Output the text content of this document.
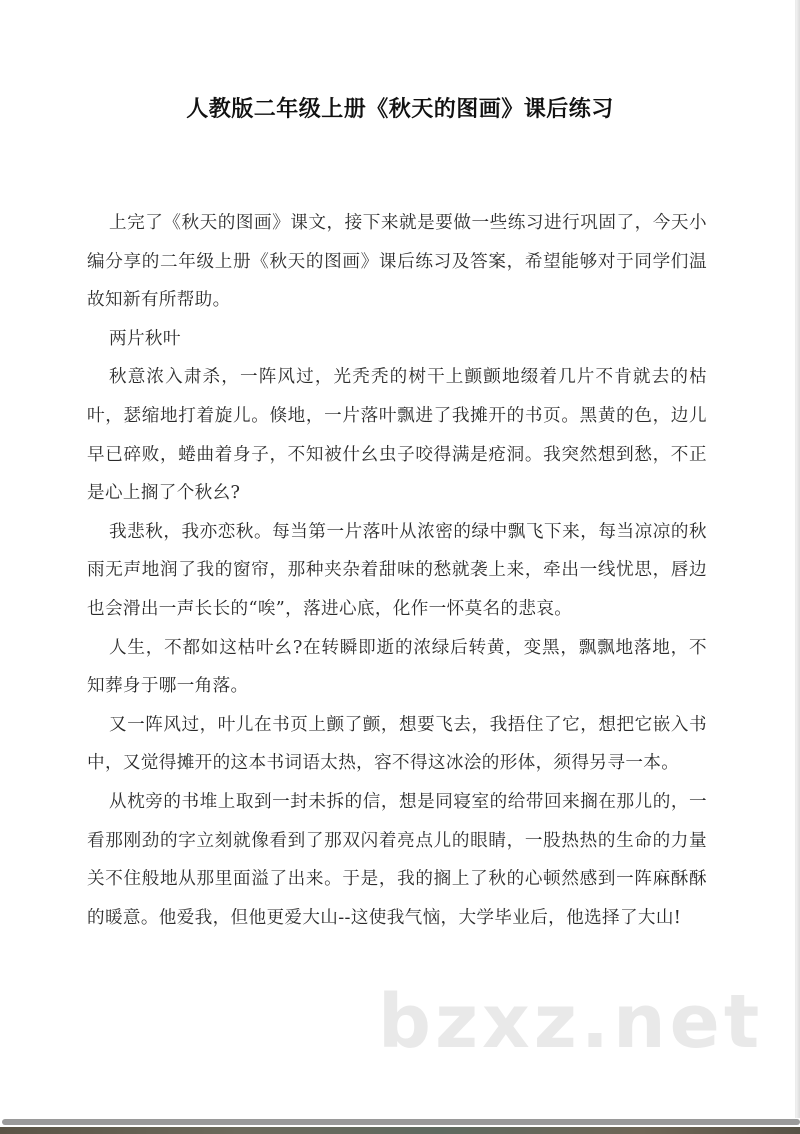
人教版二年级上册《秋天的图画》课后练习

上完了《秋天的图画》课文，接下来就是要做一些练习进行巩固了，今天小编分享的二年级上册《秋天的图画》课后练习及答案，希望能够对于同学们温故知新有所帮助。

两片秋叶

秋意浓入肃杀，一阵风过，光秃秃的树干上颤颤地缀着几片不肯就去的枯叶，瑟缩地打着旋儿。倏地，一片落叶飘进了我摊开的书页。黑黄的色，边儿早已碎败，蜷曲着身子，不知被什幺虫子咬得满是疮洞。我突然想到愁，不正是心上搁了个秋幺?

我悲秋，我亦恋秋。每当第一片落叶从浓密的绿中飘飞下来，每当凉凉的秋雨无声地润了我的窗帘，那种夹杂着甜味的愁就袭上来，牵出一线忧思，唇边也会滑出一声长长的“唉”，落进心底，化作一怀莫名的悲哀。

人生，不都如这枯叶幺?在转瞬即逝的浓绿后转黄，变黑，飘飘地落地，不知葬身于哪一角落。

又一阵风过，叶儿在书页上颤了颤，想要飞去，我捂住了它，想把它嵌入书中，又觉得摊开的这本书词语太热，容不得这冰浍的形体，须得另寻一本。

从枕旁的书堆上取到一封未拆的信，想是同寝室的给带回来搁在那儿的，一看那刚劲的字立刻就像看到了那双闪着亮点儿的眼睛，一股热热的生命的力量关不住般地从那里面溢了出来。于是，我的搁上了秋的心顿然感到一阵麻酥酥的暖意。他爱我，但他更爱大山--这使我气恼，大学毕业后，他选择了大山!

bzxz.net
